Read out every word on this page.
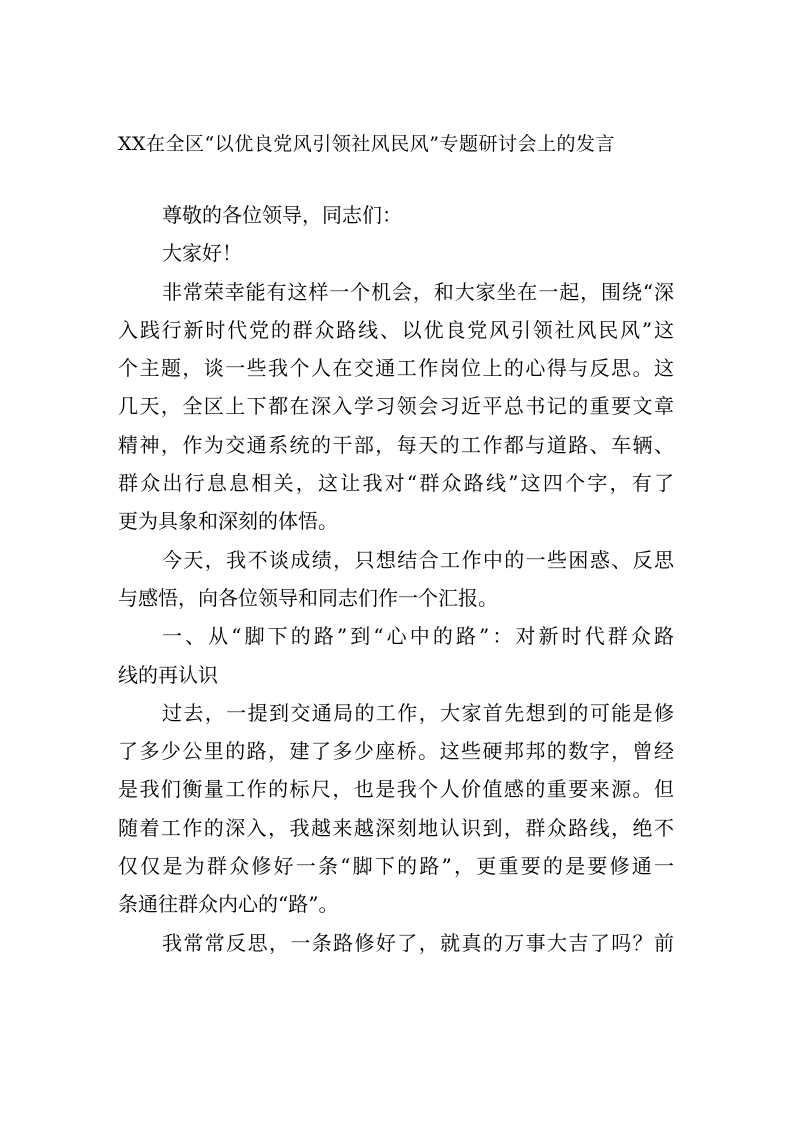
XX在全区“以优良党风引领社风民风”专题研讨会上的发言
尊敬的各位领导，同志们：
大家好！
非常荣幸能有这样一个机会，和大家坐在一起，围绕“深
入践行新时代党的群众路线、以优良党风引领社风民风”这
个主题，谈一些我个人在交通工作岗位上的心得与反思。这
几天，全区上下都在深入学习领会习近平总书记的重要文章
精神，作为交通系统的干部，每天的工作都与道路、车辆、
群众出行息息相关，这让我对“群众路线”这四个字，有了
更为具象和深刻的体悟。
今天，我不谈成绩，只想结合工作中的一些困惑、反思
与感悟，向各位领导和同志们作一个汇报。
一、从“脚下的路”到“心中的路”：对新时代群众路
线的再认识
过去，一提到交通局的工作，大家首先想到的可能是修
了多少公里的路，建了多少座桥。这些硬邦邦的数字，曾经
是我们衡量工作的标尺，也是我个人价值感的重要来源。但
随着工作的深入，我越来越深刻地认识到，群众路线，绝不
仅仅是为群众修好一条“脚下的路”，更重要的是要修通一
条通往群众内心的“路”。
我常常反思，一条路修好了，就真的万事大吉了吗？前
